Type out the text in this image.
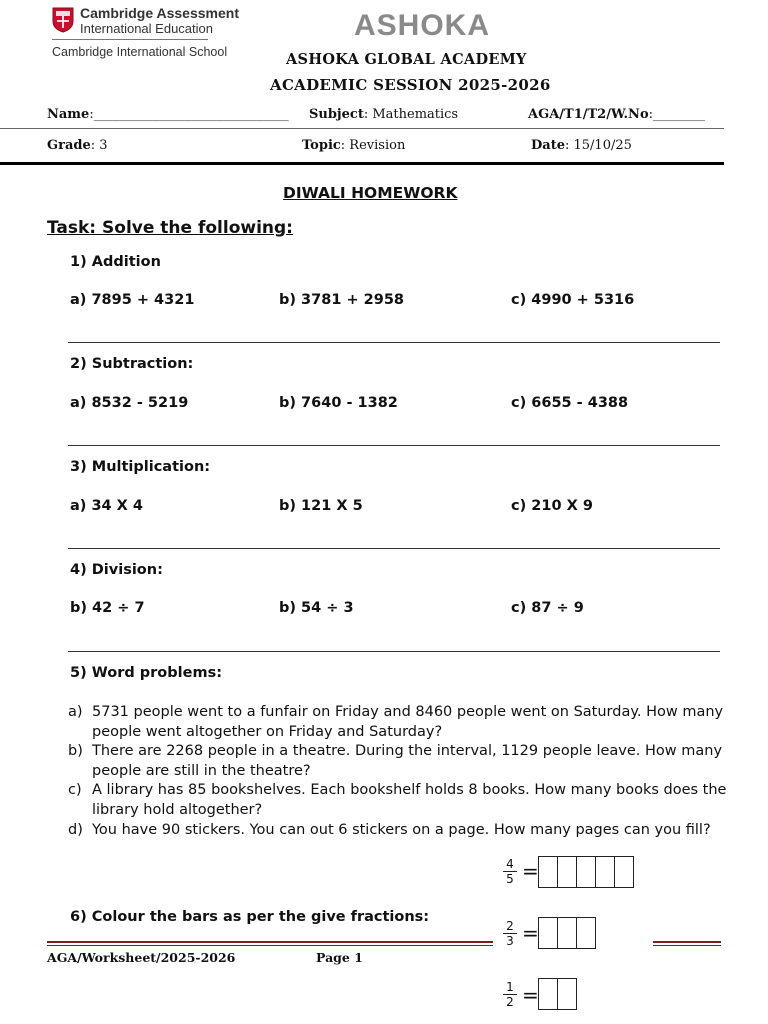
Cambridge Assessment
International Education
Cambridge International School
ASHOKA
ASHOKA GLOBAL ACADEMY
ACADEMIC SESSION 2025-2026
Name:______________________________ Subject: Mathematics	AGA/T1/T2/W.No:________
Grade: 3	Topic: Revision	Date: 15/10/25
DIWALI HOMEWORK
Task: Solve the following:
1) Addition
a) 7895 + 4321	b) 3781 + 2958	c) 4990 + 5316
2) Subtraction:
a) 8532 - 5219	b) 7640 - 1382	c) 6655 - 4388
3) Multiplication:
a) 34 X 4	b) 121 X 5	c) 210 X 9
4) Division:
b) 42 ÷ 7	b) 54 ÷ 3	c) 87 ÷ 9
5) Word problems:
a) 5731 people went to a funfair on Friday and 8460 people went on Saturday. How many people went altogether on Friday and Saturday?
b) There are 2268 people in a theatre. During the interval, 1129 people leave. How many people are still in the theatre?
c) A library has 85 bookshelves. Each bookshelf holds 8 books. How many books does the library hold altogether?
d) You have 90 stickers. You can out 6 stickers on a page. How many pages can you fill?
4
5 =
6) Colour the bars as per the give fractions:
2
3 =
1
2 =
AGA/Worksheet/2025-2026	Page 1
